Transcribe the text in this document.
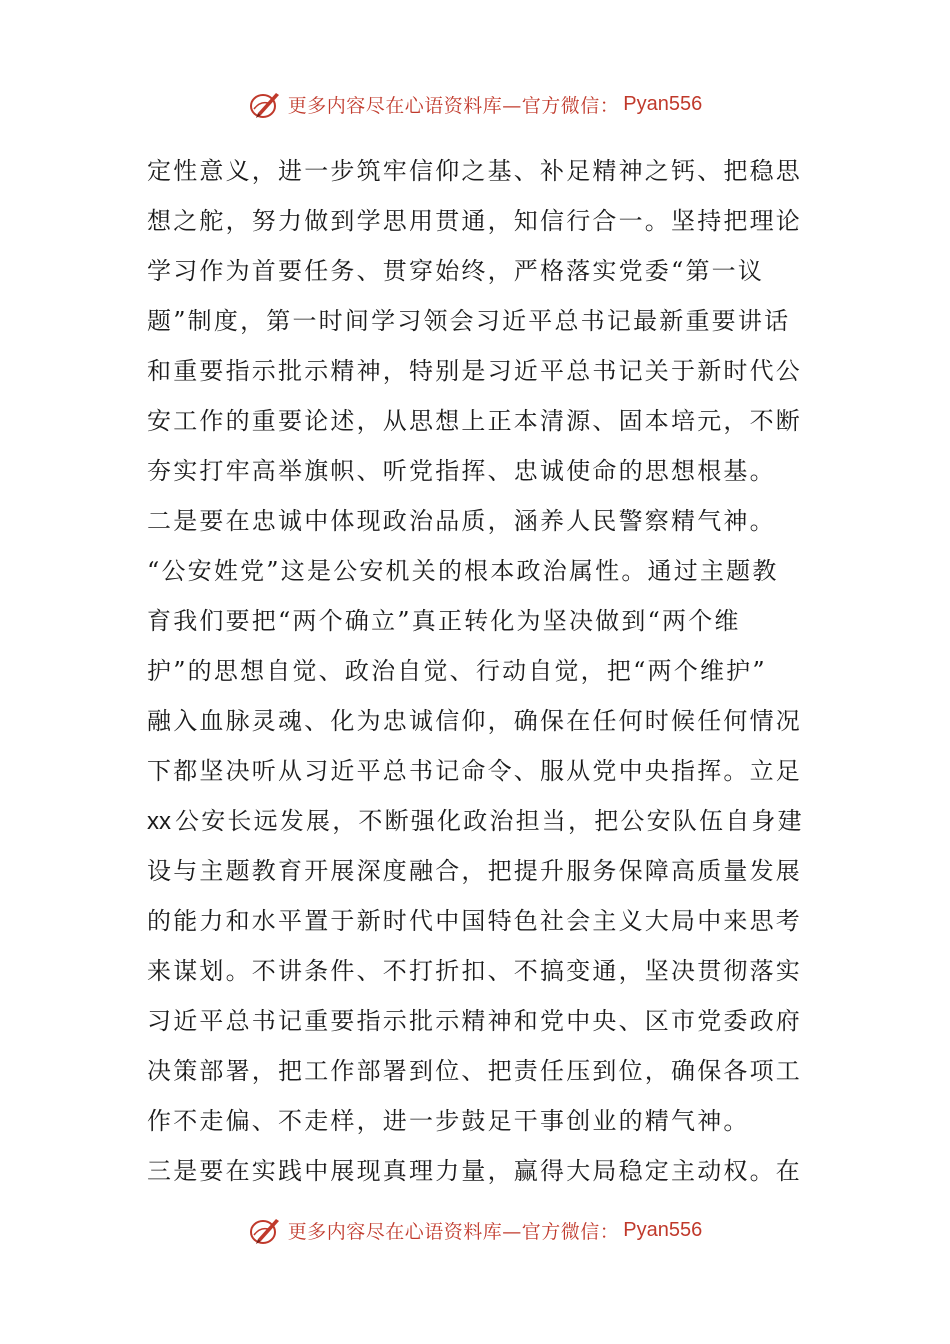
更多内容尽在心语资料库—官方微信： Pyan556
定性意义，进一步筑牢信仰之基、补足精神之钙、把稳思
想之舵，努力做到学思用贯通，知信行合一。坚持把理论
学习作为首要任务、贯穿始终，严格落实党委“第一议
题”制度，第一时间学习领会习近平总书记最新重要讲话
和重要指示批示精神，特别是习近平总书记关于新时代公
安工作的重要论述，从思想上正本清源、固本培元，不断
夯实打牢高举旗帜、听党指挥、忠诚使命的思想根基。
二是要在忠诚中体现政治品质，涵养人民警察精气神。
“公安姓党”这是公安机关的根本政治属性。通过主题教
育我们要把“两个确立”真正转化为坚决做到“两个维
护”的思想自觉、政治自觉、行动自觉，把“两个维护”
融入血脉灵魂、化为忠诚信仰，确保在任何时候任何情况
下都坚决听从习近平总书记命令、服从党中央指挥。立足
xx 公安长远发展，不断强化政治担当，把公安队伍自身建
设与主题教育开展深度融合，把提升服务保障高质量发展
的能力和水平置于新时代中国特色社会主义大局中来思考
来谋划。不讲条件、不打折扣、不搞变通，坚决贯彻落实
习近平总书记重要指示批示精神和党中央、区市党委政府
决策部署，把工作部署到位、把责任压到位，确保各项工
作不走偏、不走样，进一步鼓足干事创业的精气神。
三是要在实践中展现真理力量，赢得大局稳定主动权。在
更多内容尽在心语资料库—官方微信： Pyan556
